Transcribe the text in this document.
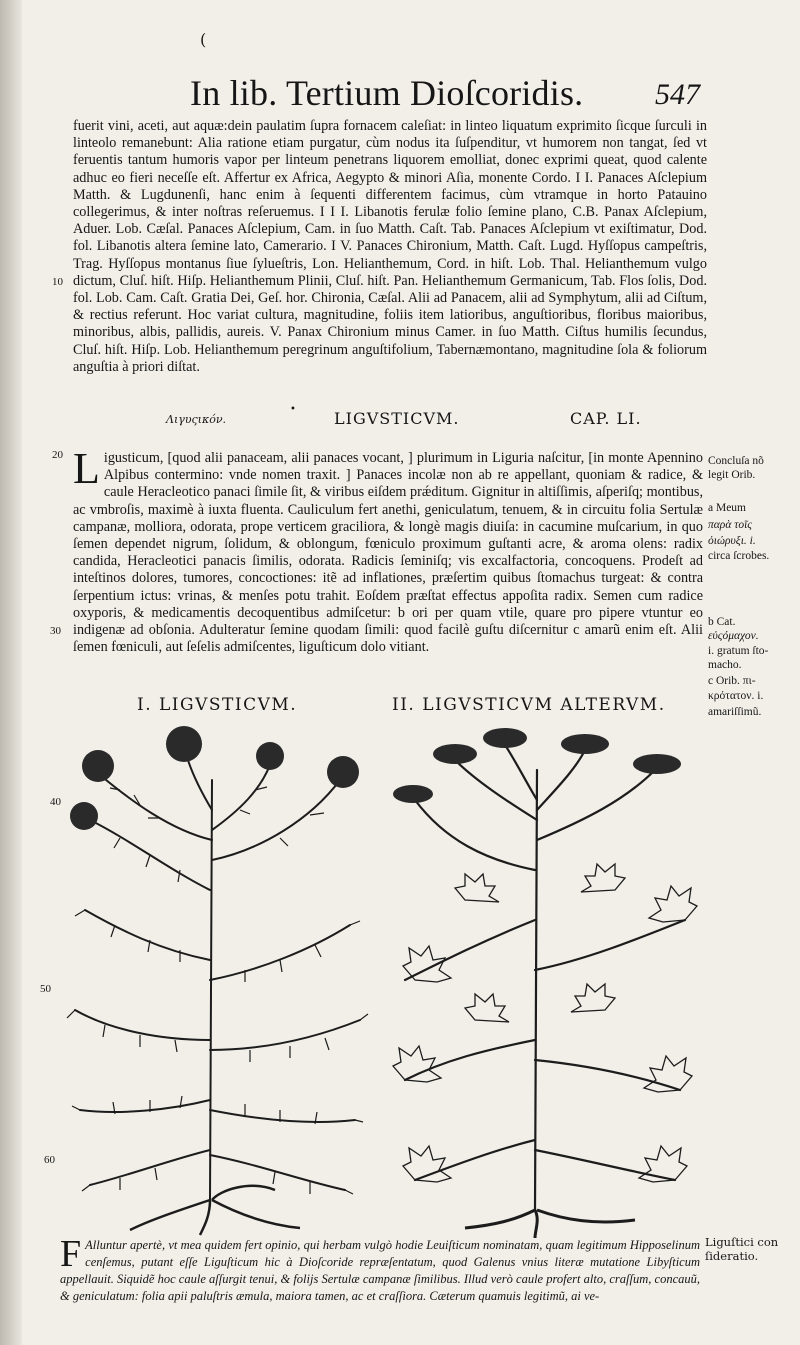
(
In lib. Tertium Dioſcoridis. 547

fuerit vini, aceti, aut aquæ:dein paulatim ſupra fornacem caleſiat: in linteo liquatum exprimito ſicque ſurculi in linteolo remanebunt: Alia ratione etiam purgatur, cùm nodus ita ſuſpenditur, vt humorem non tangat, ſed vt feruentis tantum humoris vapor per linteum penetrans liquorem emolliat, donec exprimi queat, quod calente adhuc eo fieri neceſſe eſt. Affertur ex Africa, Aegypto & minori Aſia, monente Cordo. I I. Panaces Aſclepium Matth. & Lugdunenſi, hanc enim à ſequenti differentem facimus, cùm vtramque in horto Patauino collegerimus, & inter noſtras reſeruemus. I I I. Libanotis ferulæ folio ſemine plano, C.B. Panax Aſclepium, Aduer. Lob. Cæſal. Panaces Aſclepium, Cam. in ſuo Matth. Caſt. Tab. Panaces Aſclepium vt exiſtimatur, Dod. fol. Libanotis altera ſemine lato, Camerario. I V. Panaces Chironium, Matth. Caſt. Lugd. Hyſſopus campeſtris, Trag. Hyſſopus montanus ſiue ſylueſtris, Lon. Helianthemum, Cord. in hiſt. Lob. Thal. Helianthemum vulgo dictum, Cluſ. hiſt. Hiſp. Helianthemum Plinii, Cluſ. hiſt. Pan. Helianthemum Germanicum, Tab. Flos ſolis, Dod. fol. Lob. Cam. Caſt. Gratia Dei, Geſ. hor. Chironia, Cæſal. Alii ad Panacem, alii ad Symphytum, alii ad Ciſtum, & rectius referunt. Hoc variat cultura, magnitudine, foliis item latioribus, anguſtioribus, floribus maioribus, minoribus, albis, pallidis, aureis. V. Panax Chironium minus Camer. in ſuo Matth. Ciſtus humilis ſecundus, Cluſ. hiſt. Hiſp. Lob. Helianthemum peregrinum anguſtifolium, Tabernæmontano, magnitudine ſola & foliorum anguſtia à priori diſtat.

10
20
30
40
50
60
•
Λιγυςικόν.	LIGVSTICVM.	CAP. LI.
L igusticum, [quod alii panaceam, alii panaces vocant, ] plurimum in Liguria naſcitur, [in monte Apennino Alpibus contermino: vnde nomen traxit. ] Panaces incolæ non ab re appellant, quoniam & radice, & caule Heracleotico panaci ſimile ſit, & viribus eiſdem prǽditum. Gignitur in altiſſimis, aſperiſq; montibus, ac vmbroſis, maximè à iuxta fluenta. Cauliculum fert anethi, geniculatum, tenuem, & in circuitu folia Sertulæ campanæ, molliora, odorata, prope verticem graciliora, & longè magis diuiſa: in cacumine muſcarium, in quo ſemen dependet nigrum, ſolidum, & oblongum, fœniculo proximum guſtanti acre, & aroma olens: radix candida, Heracleotici panacis ſimilis, odorata. Radicis ſeminiſq; vis excalfactoria, concoquens. Prodeſt ad inteſtinos dolores, tumores, concoctiones: itẽ ad inflationes, præſertim quibus ſtomachus turgeat: & contra ſerpentium ictus: vrinas, & menſes potu trahit. Eoſdem præſtat effectus appoſita radix. Semen cum radice oxyporis, & medicamentis decoquentibus admiſcetur: b ori per quam vtile, quare pro pipere vtuntur eo indigenæ ad obſonia. Adulteratur ſemine quodam ſimili: quod facilè guſtu diſcernitur c amarũ enim eſt. Alii ſemen fœniculi, aut ſeſelis admiſcentes, liguſticum dolo vitiant.

Concluſa nõ
legit Orib.
a Meum
παρὰ τοῖς
ὀιώρυξι. i.
circa ſcrobes.
b Cat.
εὐςόμαχον.
i. gratum ſto-
macho.
c Orib. πι-
κρότατον. i.
amariſſimũ.
I. LIGVSTICVM.	II. LIGVSTICVM ALTERVM.
F Alluntur apertè, vt mea quidem fert opinio, qui herbam vulgò hodie Leuiſticum nominatam, quam legitimum Hipposelinum cenſemus, putant eſſe Liguſticum hic à Dioſcoride repræſentatum, quod Galenus vnius literæ mutatione Libyſticum appellauit. Siquidẽ hoc caule aſſurgit tenui, & folijs Sertulæ campanæ ſimilibus. Illud verò caule profert alto, craſſum, concauũ, & geniculatum: folia apii paluſtris æmula, maiora tamen, ac et craſſiora. Cæterum quamuis legitimũ, ai ve-

Liguſtici con
ſideratio.
